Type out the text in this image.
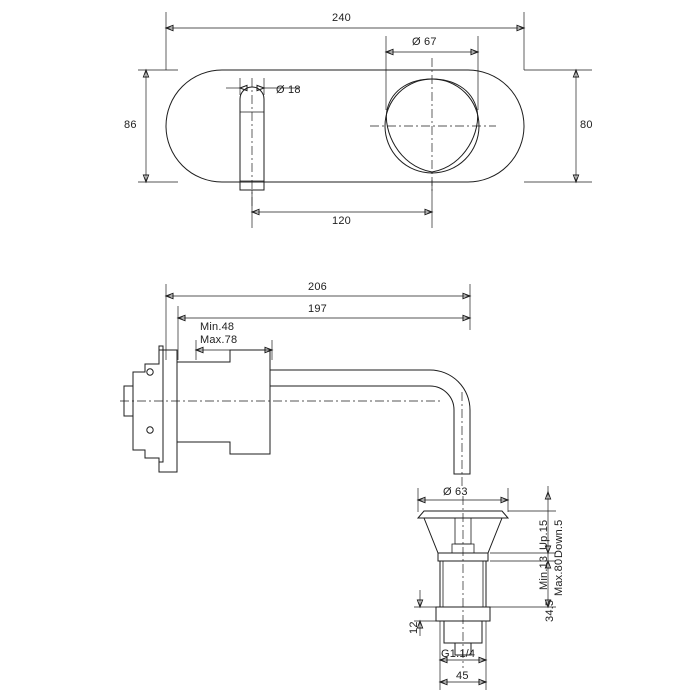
240
Ø 18
Ø 67
86	80
120
206
197
Min.48
Max.78
Ø 63
Up.15 Down.5
Min.13 Max.80
34.5
12
G1.1/4
45
